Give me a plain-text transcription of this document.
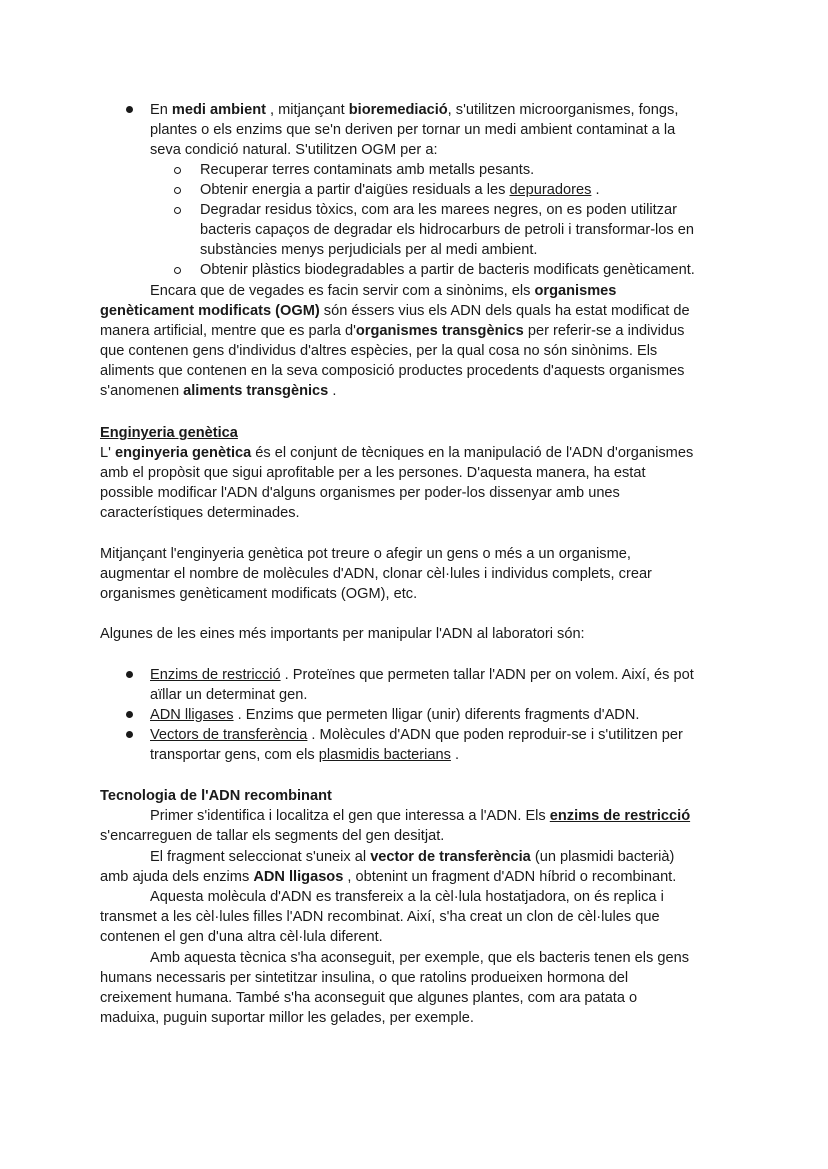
En medi ambient , mitjançant bioremediació, s'utilitzen microorganismes, fongs,
plantes o els enzims que se'n deriven per tornar un medi ambient contaminat a la
seva condició natural. S'utilitzen OGM per a:
Recuperar terres contaminats amb metalls pesants.
Obtenir energia a partir d'aigües residuals a les depuradores .
Degradar residus tòxics, com ara les marees negres, on es poden utilitzar
bacteris capaços de degradar els hidrocarburs de petroli i transformar-los en
substàncies menys perjudicials per al medi ambient.
Obtenir plàstics biodegradables a partir de bacteris modificats genèticament.
Encara que de vegades es facin servir com a sinònims, els organismes
genèticament modificats (OGM) són éssers vius els ADN dels quals ha estat modificat de
manera artificial, mentre que es parla d'organismes transgènics per referir-se a individus
que contenen gens d'individus d'altres espècies, per la qual cosa no són sinònims. Els
aliments que contenen en la seva composició productes procedents d'aquests organismes
s'anomenen aliments transgènics .
Enginyeria genètica
L' enginyeria genètica és el conjunt de tècniques en la manipulació de l'ADN d'organismes
amb el propòsit que sigui aprofitable per a les persones. D'aquesta manera, ha estat
possible modificar l'ADN d'alguns organismes per poder-los dissenyar amb unes
característiques determinades.
Mitjançant l'enginyeria genètica pot treure o afegir un gens o més a un organisme,
augmentar el nombre de molècules d'ADN, clonar cèl·lules i individus complets, crear
organismes genèticament modificats (OGM), etc.
Algunes de les eines més importants per manipular l'ADN al laboratori són:
Enzims de restricció . Proteïnes que permeten tallar l'ADN per on volem. Així, és pot
aïllar un determinat gen.
ADN lligases . Enzims que permeten lligar (unir) diferents fragments d'ADN.
Vectors de transferència . Molècules d'ADN que poden reproduir-se i s'utilitzen per
transportar gens, com els plasmidis bacterians .
Tecnologia de l'ADN recombinant
Primer s'identifica i localitza el gen que interessa a l'ADN. Els enzims de restricció
s'encarreguen de tallar els segments del gen desitjat.
El fragment seleccionat s'uneix al vector de transferència (un plasmidi bacterià)
amb ajuda dels enzims ADN lligasos , obtenint un fragment d'ADN híbrid o recombinant.
Aquesta molècula d'ADN es transfereix a la cèl·lula hostatjadora, on és replica i
transmet a les cèl·lules filles l'ADN recombinat. Així, s'ha creat un clon de cèl·lules que
contenen el gen d'una altra cèl·lula diferent.
Amb aquesta tècnica s'ha aconseguit, per exemple, que els bacteris tenen els gens
humans necessaris per sintetitzar insulina, o que ratolins produeixen hormona del
creixement humana. També s'ha aconseguit que algunes plantes, com ara patata o
maduixa, puguin suportar millor les gelades, per exemple.
